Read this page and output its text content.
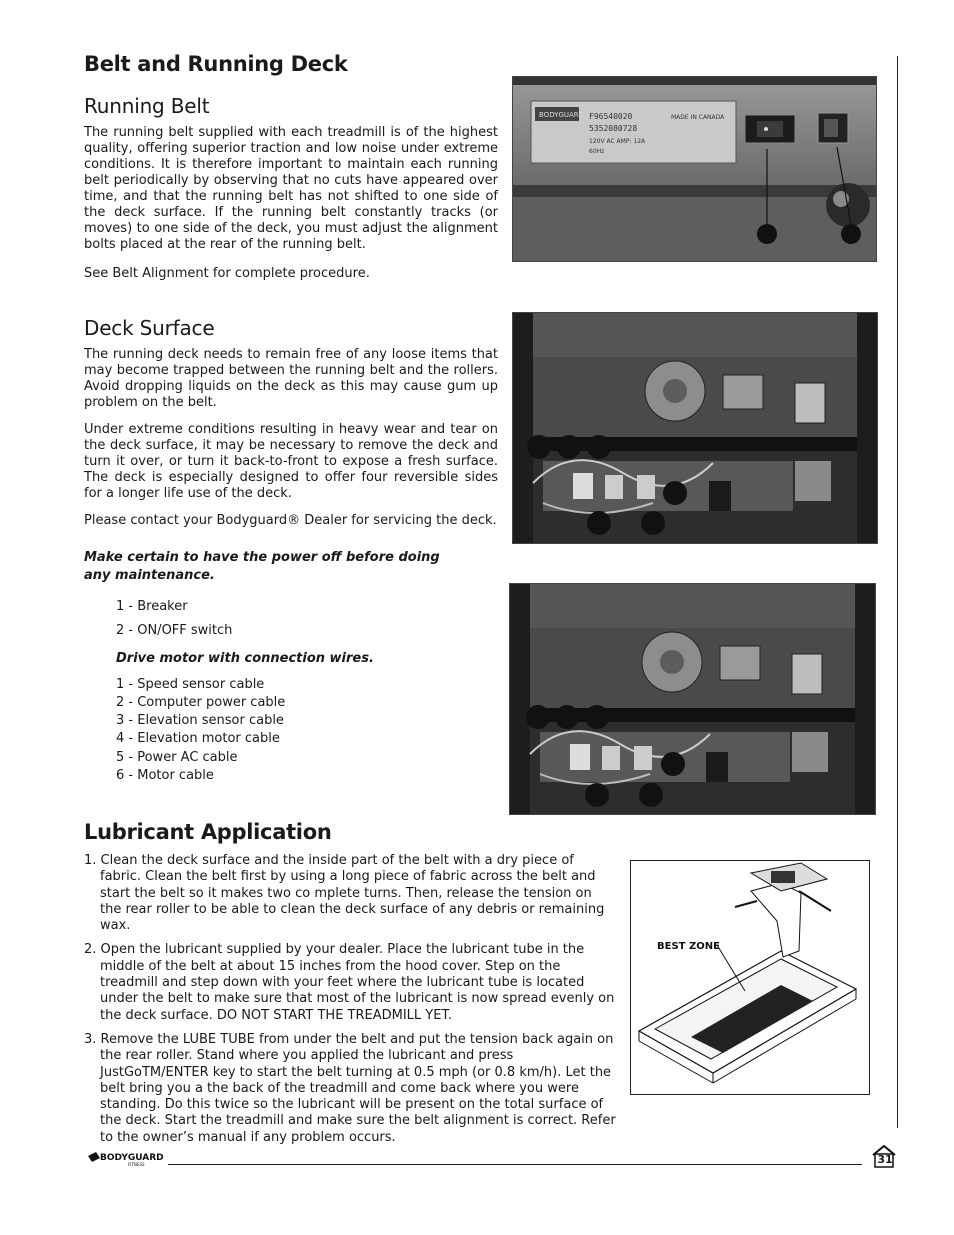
Belt and Running Deck
Running Belt
The running belt supplied with each treadmill is of the highest quality, offering superior traction and low noise under extreme conditions. It is therefore important to maintain each running belt periodically by observing that no cuts have appeared over time, and that the running belt has not shifted to one side of the deck surface. If the running belt constantly tracks (or moves) to one side of the deck, you must adjust the alignment bolts placed at the rear of the running belt.
See Belt Alignment for complete procedure.
BODYGUARD F96540020
5352080728
120V AC AMP: 12A
60Hz
MADE IN CANADA
Deck Surface
The running deck needs to remain free of any loose items that may become trapped between the running belt and the rollers. Avoid dropping liquids on the deck as this may cause gum up problem on the belt.
Under extreme conditions resulting in heavy wear and tear on the deck surface, it may be necessary to remove the deck and turn it over, or turn it back-to-front to expose a fresh surface. The deck is especially designed to offer four reversible sides for a longer life use of the deck.
Please contact your Bodyguard® Dealer for servicing the deck.
Make certain to have the power off before doing any maintenance.
1 - Breaker
2 - ON/OFF switch
Drive motor with connection wires.
1 - Speed sensor cable
2 - Computer power cable
3 - Elevation sensor cable
4 - Elevation motor cable
5 - Power AC cable
6 - Motor cable
Lubricant Application
1. Clean the deck surface and the inside part of the belt with a dry piece of fabric. Clean the belt first by using a long piece of fabric across the belt and start the belt so it makes two co mplete turns. Then, release the tension on the rear roller to be able to clean the deck surface of any debris or remaining wax.
2. Open the lubricant supplied by your dealer. Place the lubricant tube in the middle of the belt at about 15 inches from the hood cover. Step on the treadmill and step down with your feet where the lubricant tube is located under the belt to make sure that most of the lubricant is now spread evenly on the deck surface. DO NOT START THE TREADMILL YET.
3. Remove the LUBE TUBE from under the belt and put the tension back again on the rear roller. Stand where you applied the lubricant and press JustGoTM/ENTER key to start the belt turning at 0.5 mph (or 0.8 km/h). Let the belt bring you a the back of the treadmill and come back where you were standing. Do this twice so the lubricant will be present on the total surface of the deck. Start the treadmill and make sure the belt alignment is correct. Refer to the owner’s manual if any problem occurs.
BEST ZONE
BODYGUARD
FITNESS	31
